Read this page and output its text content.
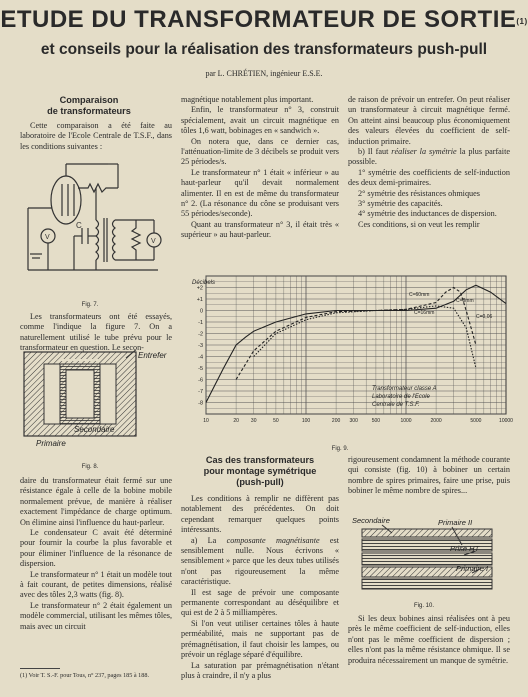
ETUDE DU TRANSFORMATEUR DE SORTIE$^{(1)}$
et conseils pour la réalisation des transformateurs push-pull
par L. CHRÉTIEN, ingénieur E.S.E.
Comparaison
de transformateurs

Cette comparaison a été faite au laboratoire de l'Ecole Centrale de T.S.F., dans les conditions suivantes :

V
C
V
Fig. 7.

Les transformateurs ont été essayés, comme l'indique la figure 7. On a naturellement utilisé le tube prévu pour le transformateur en question. Le secon-

Entrefer
Secondaire
Primaire
Fig. 8.

daire du transformateur était fermé sur une résistance égale à celle de la bobine mobile normalement prévue, de manière à réaliser exactement l'impédance de charge optimum. On élimine ainsi l'influence du haut-parleur.

Le condensateur C avait été déterminé pour fournir la courbe la plus favorable et pour éliminer l'influence de la résonance de dispersion.

Le transformateur n° 1 était un modèle tout à fait courant, de petites dimensions, réalisé avec des tôles 2,3 watts (fig. 8).

Le transformateur n° 2 était également un modèle commercial, utilisant les mêmes tôles, mais avec un circuit

(1) Voir T. S.-F. pour Tous, n° 237, pages 185 à 188.

magnétique notablement plus important.

Enfin, le transformateur n° 3, construit spécialement, avait un circuit magnétique en tôles 1,6 watt, bobinages en « sandwich ».

On notera que, dans ce dernier cas, l'atténuation-limite de 3 décibels se produit vers 25 périodes/s.

Le transformateur n° 1 était « inférieur » au haut-parleur qu'il devait normalement alimenter. Il en est de même du transformateur n° 2. (La résonance du cône se produisant vers 55 périodes/seconde).

Quant au transformateur n° 3, il était très « supérieur » au haut-parleur.

de raison de prévoir un entrefer. On peut réaliser un transformateur à circuit magnétique fermé. On atteint ainsi beaucoup plus économiquement des valeurs élevées du coefficient de self-induction primaire.

b) Il faut réaliser la symétrie la plus parfaite possible.

1° symétrie des coefficients de self-induction des deux demi-primaires.

2° symétrie des résistances ohmiques

3° symétrie des capacités.

4° symétrie des inductances de dispersion.

Ces conditions, si on veut les remplir

+2
+1
0
-1
-2
-3
-4
-5
-6
-7
-8
10	20 30	50	100	200 300	500	1000	2000	5000	10000
Décibels
Transformateur classe A
Laboratoire de l'Ecole
Centrale de T.S.F.
C=60mm
C=8mm
C=16mm
C=0,06
Fig. 9.
Cas des transformateurs
pour montage symétrique
(push-pull)

Les conditions à remplir ne diffèrent pas notablement des précédentes. On doit cependant remarquer quelques points intéressants.

a) La composante magnétisante est sensiblement nulle. Nous écrivons « sensiblement » parce que les deux tubes utilisés n'ont pas rigoureusement la même caractéristique.

Il est sage de prévoir une composante permanente correspondant au déséquilibre et qui est de 2 à 5 milliampères.

Si l'on veut utiliser certaines tôles à haute perméabilité, mais ne supportant pas de prémagnétisation, il faut choisir les lampes, ou prévoir un réglage séparé d'équilibre.

La saturation par prémagnétisation n'étant plus à craindre, il n'y a plus

rigoureusement condamnent la méthode courante qui consiste (fig. 10) à bobiner un certain nombre de spires primaires, faire une prise, puis bobiner le même nombre de spires...

Secondaire	Primaire II
Prise HT
Primaire I
Fig. 10.

Si les deux bobines ainsi réalisées ont à peu près le même coefficient de self-induction, elles n'ont pas le même coefficient de dispersion ; elles n'ont pas la même résistance ohmique. Il se produira nécessairement un manque de symétrie.
